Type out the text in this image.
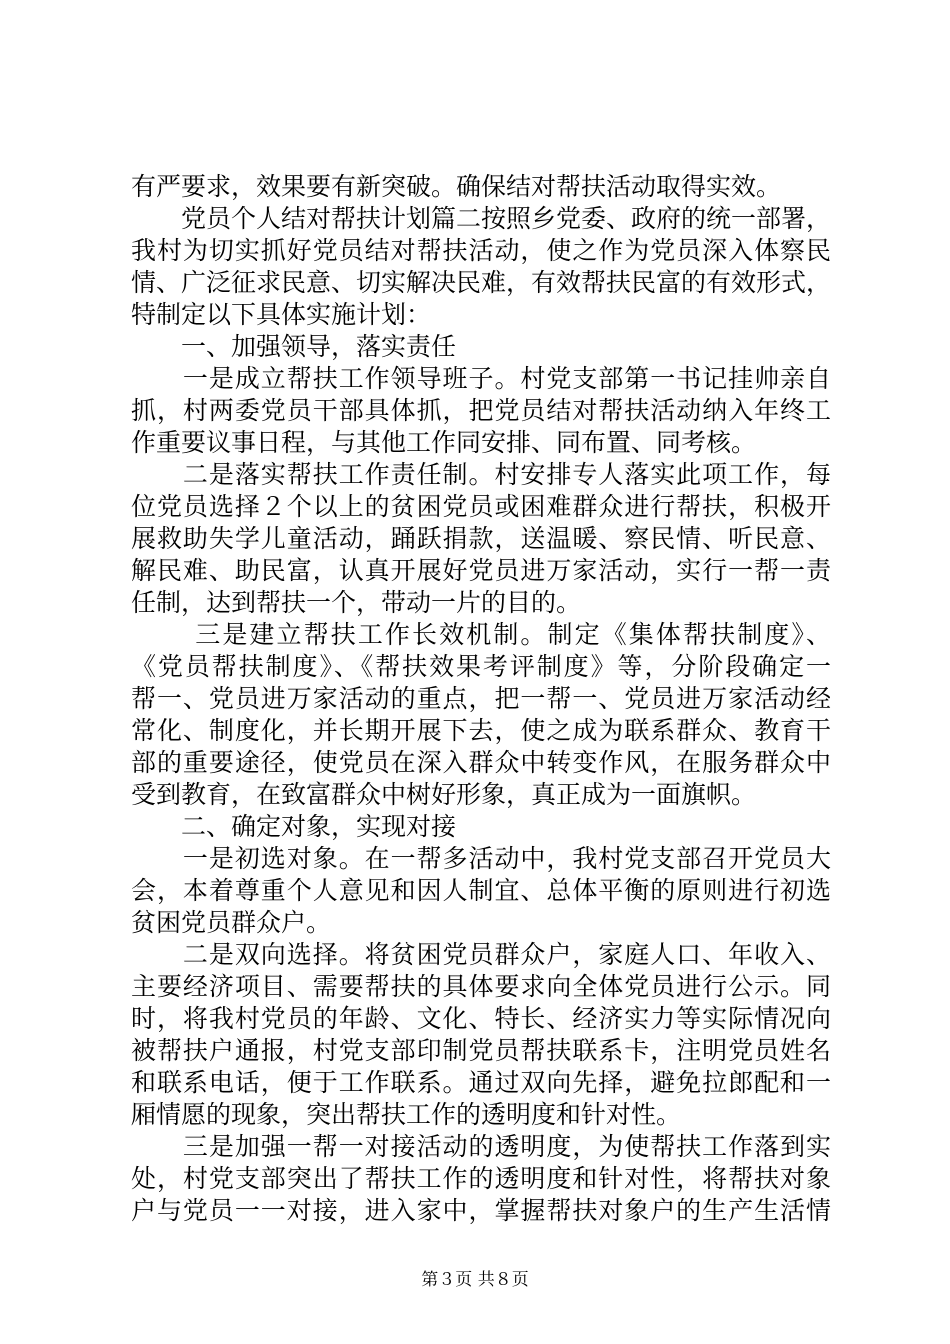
有严要求，效果要有新突破。确保结对帮扶活动取得实效。
　　党员个人结对帮扶计划篇二按照乡党委、政府的统一部署，
我村为切实抓好党员结对帮扶活动，使之作为党员深入体察民
情、广泛征求民意、切实解决民难，有效帮扶民富的有效形式，
特制定以下具体实施计划：
　　一、加强领导，落实责任
　　一是成立帮扶工作领导班子。村党支部第一书记挂帅亲自
抓，村两委党员干部具体抓，把党员结对帮扶活动纳入年终工
作重要议事日程，与其他工作同安排、同布置、同考核。
　　二是落实帮扶工作责任制。村安排专人落实此项工作，每
位党员选择２个以上的贫困党员或困难群众进行帮扶，积极开
展救助失学儿童活动，踊跃捐款，送温暖、察民情、听民意、
解民难、助民富，认真开展好党员进万家活动，实行一帮一责
任制，达到帮扶一个，带动一片的目的。
　　 三是建立帮扶工作长效机制。制定《集体帮扶制度》、
《党员帮扶制度》、《帮扶效果考评制度》等，分阶段确定一
帮一、党员进万家活动的重点，把一帮一、党员进万家活动经
常化、制度化，并长期开展下去，使之成为联系群众、教育干
部的重要途径，使党员在深入群众中转变作风，在服务群众中
受到教育，在致富群众中树好形象，真正成为一面旗帜。
　　二、确定对象，实现对接
　　一是初选对象。在一帮多活动中，我村党支部召开党员大
会，本着尊重个人意见和因人制宜、总体平衡的原则进行初选
贫困党员群众户。
　　二是双向选择。将贫困党员群众户，家庭人口、年收入、
主要经济项目、需要帮扶的具体要求向全体党员进行公示。同
时，将我村党员的年龄、文化、特长、经济实力等实际情况向
被帮扶户通报，村党支部印制党员帮扶联系卡，注明党员姓名
和联系电话，便于工作联系。通过双向先择，避免拉郎配和一
厢情愿的现象，突出帮扶工作的透明度和针对性。
　　三是加强一帮一对接活动的透明度，为使帮扶工作落到实
处，村党支部突出了帮扶工作的透明度和针对性，将帮扶对象
户与党员一一对接，进入家中，掌握帮扶对象户的生产生活情
第３页 共８页
